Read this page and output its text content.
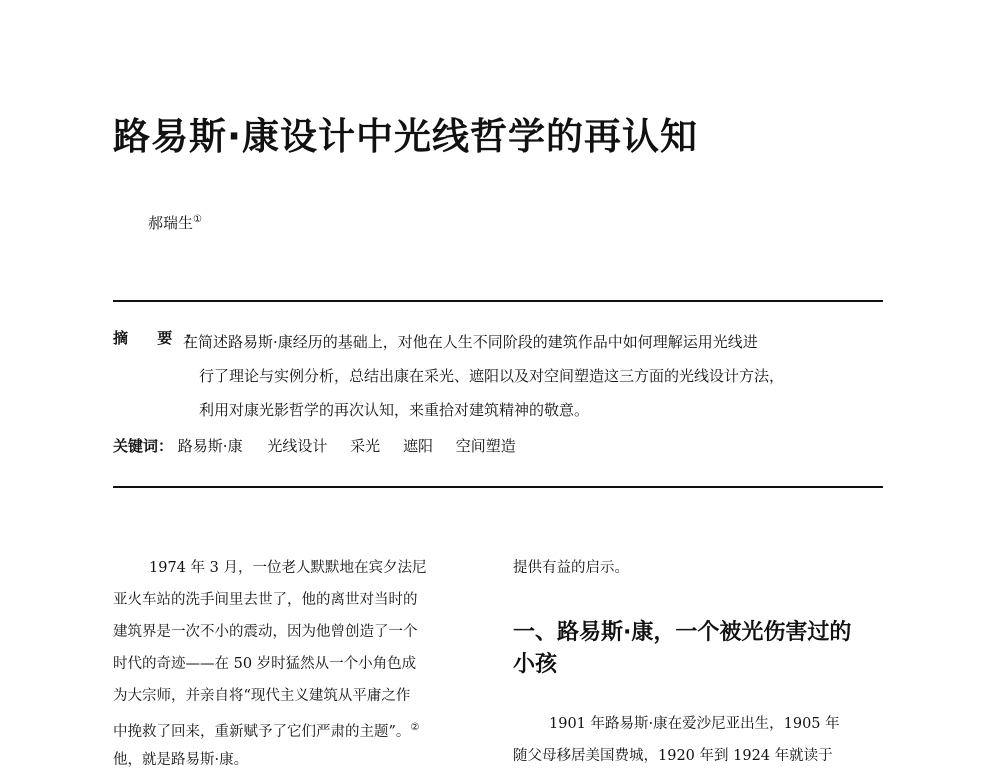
路易斯·康设计中光线哲学的再认知
郝瑞生①
摘 要：
在简述路易斯·康经历的基础上，对他在人生不同阶段的建筑作品中如何理解运用光线进
行了理论与实例分析，总结出康在采光、遮阳以及对空间塑造这三方面的光线设计方法，
利用对康光影哲学的再次认知，来重拾对建筑精神的敬意。
关键词： 路易斯·康 光线设计 采光 遮阳 空间塑造
1974 年 3 月，一位老人默默地在宾夕法尼
亚火车站的洗手间里去世了，他的离世对当时的
建筑界是一次不小的震动，因为他曾创造了一个
时代的奇迹——在 50 岁时猛然从一个小角色成
为大宗师，并亲自将“现代主义建筑从平庸之作
中挽救了回来，重新赋予了它们严肃的主题”。②
他，就是路易斯·康。
提供有益的启示。
一、路易斯·康，一个被光伤害过的
小孩
1901 年路易斯·康在爱沙尼亚出生，1905 年
随父母移居美国费城，1920 年到 1924 年就读于
